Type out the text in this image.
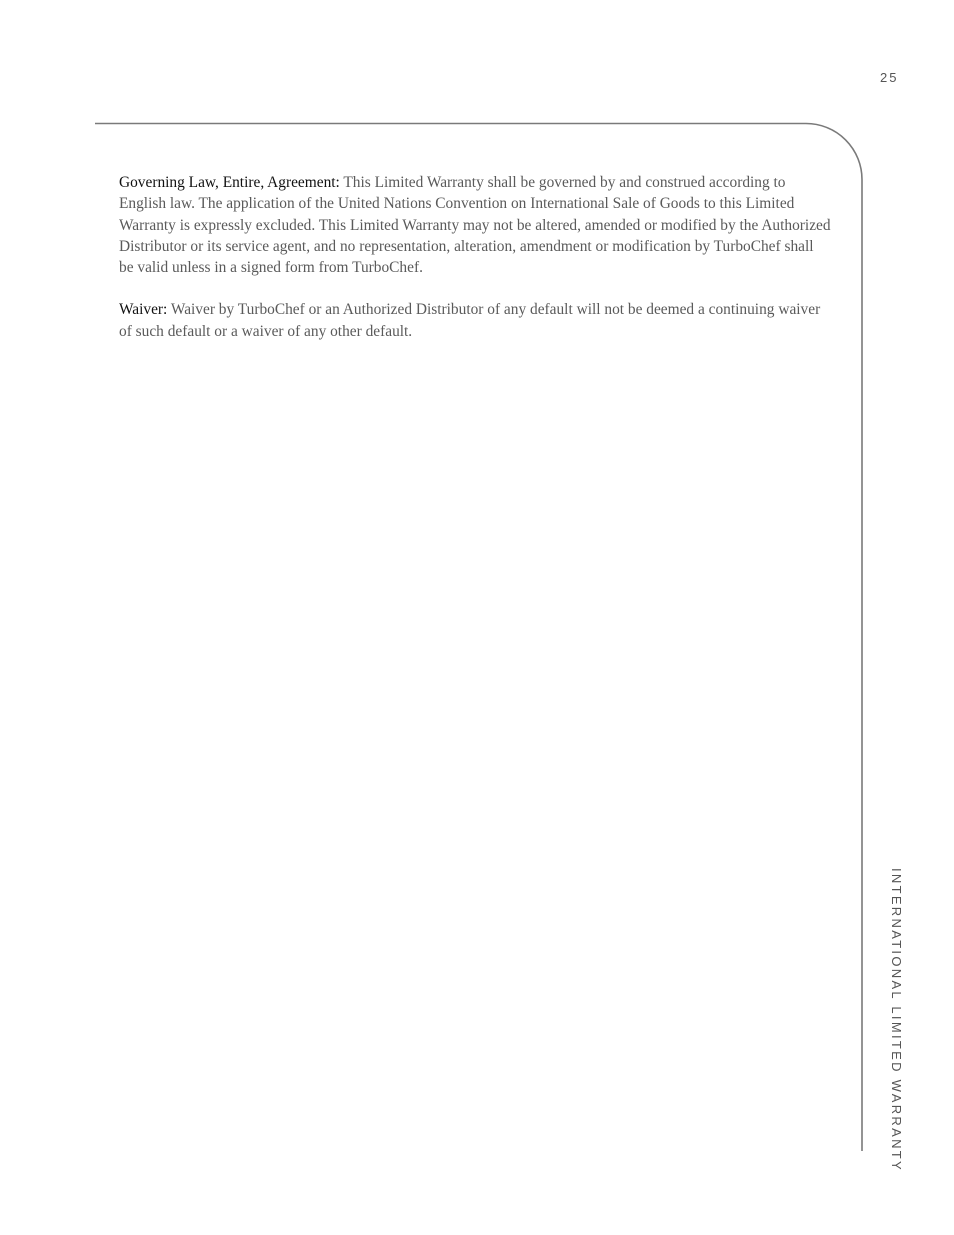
25

Governing Law, Entire, Agreement: This Limited Warranty shall be governed by and construed according to English law. The application of the United Nations Convention on International Sale of Goods to this Limited Warranty is expressly excluded. This Limited Warranty may not be altered, amended or modified by the Authorized Distributor or its service agent, and no representation, alteration, amendment or modification by TurboChef shall be valid unless in a signed form from TurboChef.

Waiver: Waiver by TurboChef or an Authorized Distributor of any default will not be deemed a continuing waiver of such default or a waiver of any other default.

INTERNATIONAL LIMITED WARRANTY
